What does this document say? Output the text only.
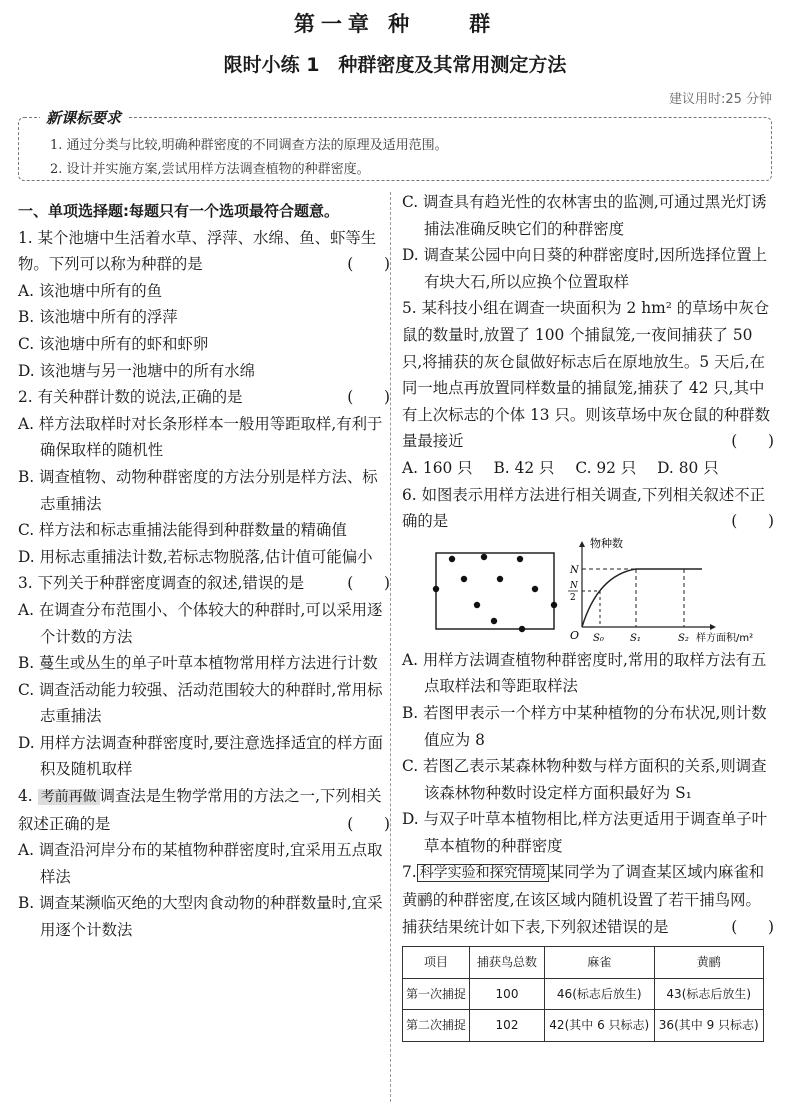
第一章 种　　群
限时小练 1　种群密度及其常用测定方法
建议用时:25 分钟
新课标要求
1. 通过分类与比较,明确种群密度的不同调查方法的原理及适用范围。
2. 设计并实施方案,尝试用样方法调查植物的种群密度。

一、单项选择题:每题只有一个选项最符合题意。

1. 某个池塘中生活着水草、浮萍、水绵、鱼、虾等生物。下列可以称为种群的是	(　　)

A. 该池塘中所有的鱼

B. 该池塘中所有的浮萍

C. 该池塘中所有的虾和虾卵

D. 该池塘与另一池塘中的所有水绵

2. 有关种群计数的说法,正确的是	(　　)

A. 样方法取样时对长条形样本一般用等距取样,有利于确保取样的随机性

B. 调查植物、动物种群密度的方法分别是样方法、标志重捕法

C. 样方法和标志重捕法能得到种群数量的精确值

D. 用标志重捕法计数,若标志物脱落,估计值可能偏小

3. 下列关于种群密度调查的叙述,错误的是	(　　)

A. 在调查分布范围小、个体较大的种群时,可以采用逐个计数的方法

B. 蔓生或丛生的单子叶草本植物常用样方法进行计数

C. 调查活动能力较强、活动范围较大的种群时,常用标志重捕法

D. 用样方法调查种群密度时,要注意选择适宜的样方面积及随机取样

4. 考前再做 调查法是生物学常用的方法之一,下列相关叙述正确的是	(　　)

A. 调查沿河岸分布的某植物种群密度时,宜采用五点取样法

B. 调查某濒临灭绝的大型肉食动物的种群数量时,宜采用逐个计数法

C. 调查具有趋光性的农林害虫的监测,可通过黑光灯诱捕法准确反映它们的种群密度

D. 调查某公园中向日葵的种群密度时,因所选择位置上有块大石,所以应换个位置取样

5. 某科技小组在调查一块面积为 2 hm² 的草场中灰仓鼠的数量时,放置了 100 个捕鼠笼,一夜间捕获了 50 只,将捕获的灰仓鼠做好标志后在原地放生。5 天后,在同一地点再放置同样数量的捕鼠笼,捕获了 42 只,其中有上次标志的个体 13 只。则该草场中灰仓鼠的种群数量最接近	(　　)

A. 160 只 B. 42 只 C. 92 只 D. 80 只

6. 如图表示用样方法进行相关调查,下列相关叙述不正确的是	(　　)

物种数
N
N
2
O S₀	S₁	S₂ 样方面积/m²

A. 用样方法调查植物种群密度时,常用的取样方法有五点取样法和等距取样法

B. 若图甲表示一个样方中某种植物的分布状况,则计数值应为 8

C. 若图乙表示某森林物种数与样方面积的关系,则调查该森林物种数时设定样方面积最好为 S₁

D. 与双子叶草本植物相比,样方法更适用于调查单子叶草本植物的种群密度

7. 科学实验和探究情境 某同学为了调查某区域内麻雀和黄鹂的种群密度,在该区域内随机设置了若干捕鸟网。捕获结果统计如下表,下列叙述错误的是	(　　)

项目	捕获鸟总数	麻雀	黄鹂
第一次捕捉	100	46(标志后放生)	43(标志后放生)
第二次捕捉	102	42(其中 6 只标志)	36(其中 9 只标志)
